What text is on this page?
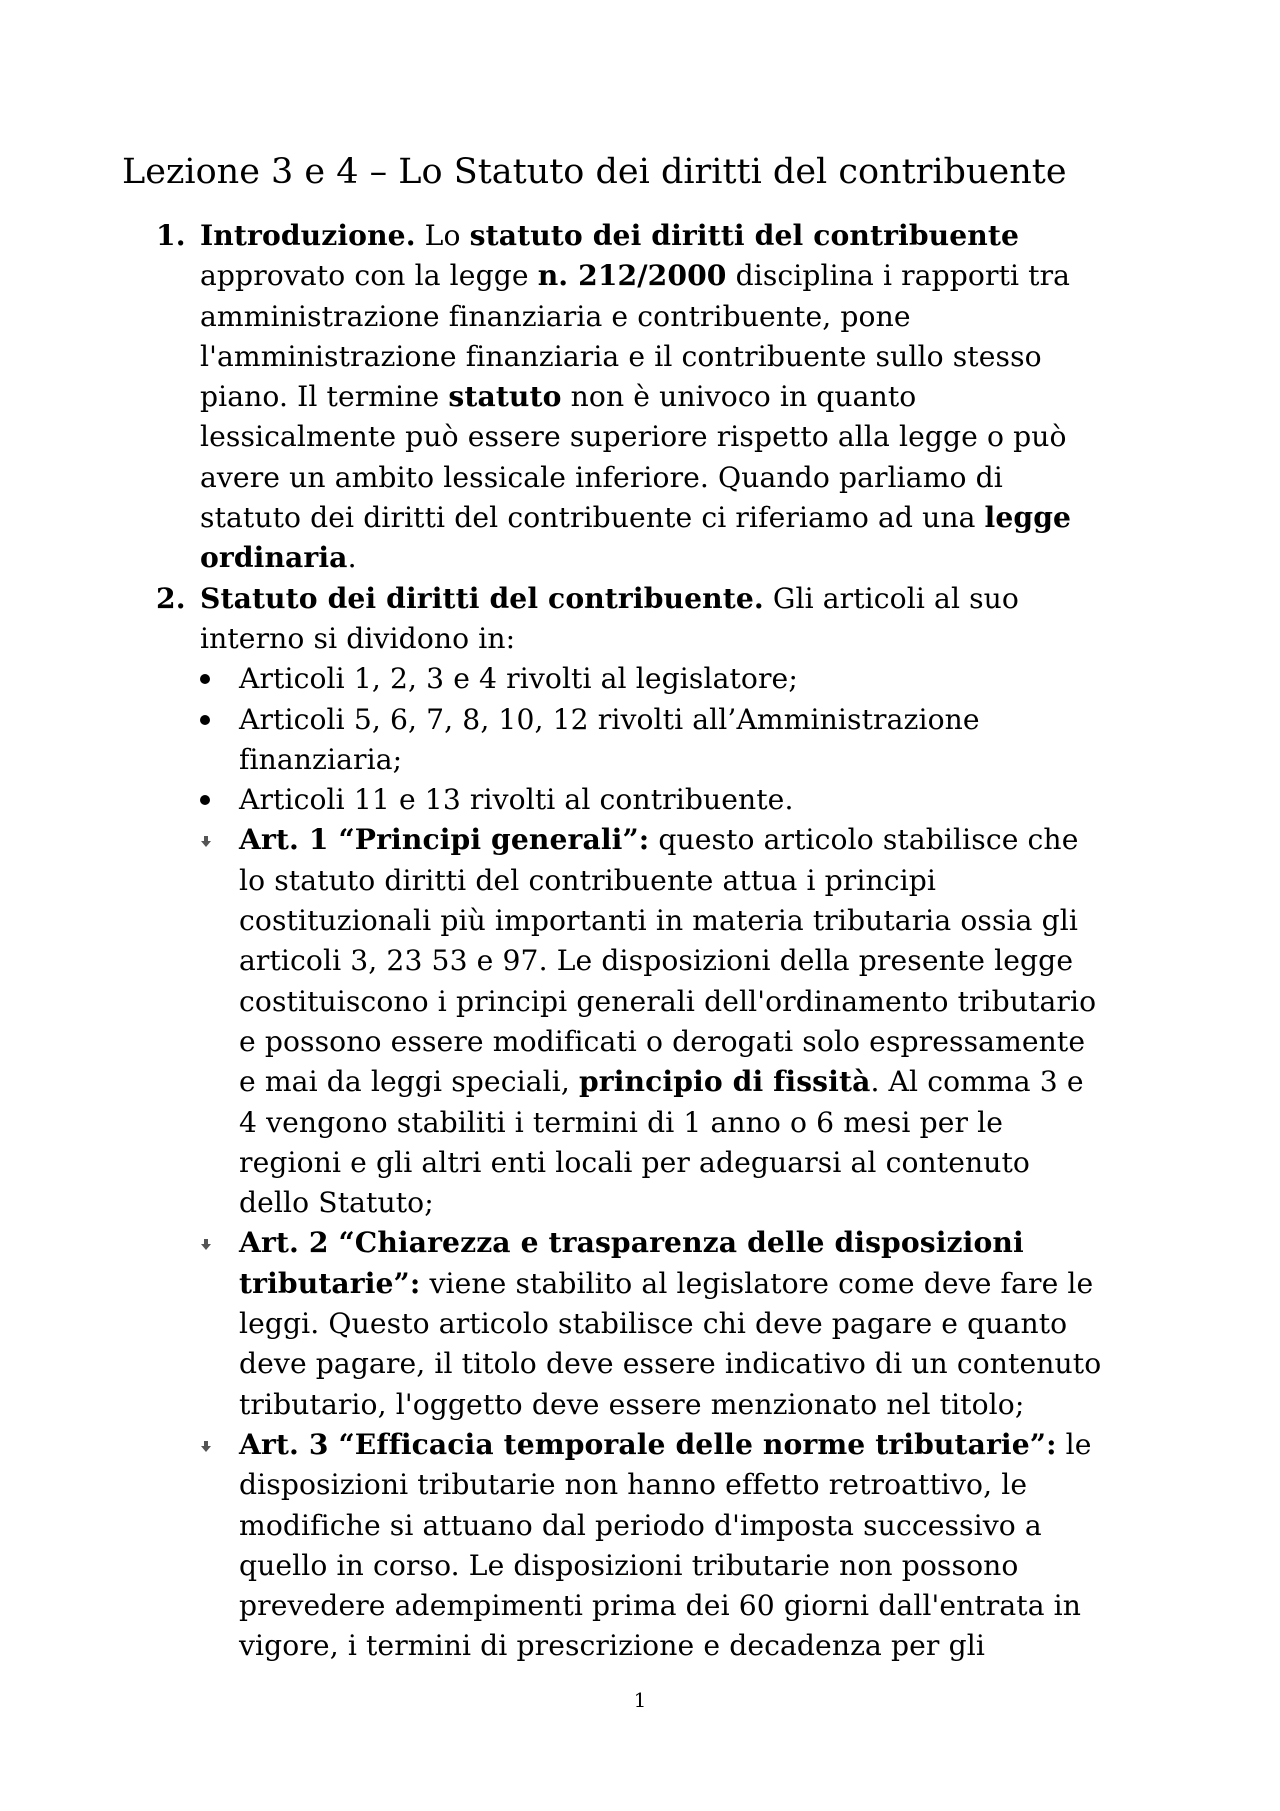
Lezione 3 e 4 – Lo Statuto dei diritti del contribuente
1. Introduzione. Lo statuto dei diritti del contribuente
approvato con la legge n. 212/2000 disciplina i rapporti tra
amministrazione finanziaria e contribuente, pone
l'amministrazione finanziaria e il contribuente sullo stesso
piano. Il termine statuto non è univoco in quanto
lessicalmente può essere superiore rispetto alla legge o può
avere un ambito lessicale inferiore. Quando parliamo di
statuto dei diritti del contribuente ci riferiamo ad una legge
ordinaria.
2. Statuto dei diritti del contribuente. Gli articoli al suo
interno si dividono in:
Articoli 1, 2, 3 e 4 rivolti al legislatore;
Articoli 5, 6, 7, 8, 10, 12 rivolti all’Amministrazione
finanziaria;
Articoli 11 e 13 rivolti al contribuente.
Art. 1 “Principi generali”: questo articolo stabilisce che
lo statuto diritti del contribuente attua i principi
costituzionali più importanti in materia tributaria ossia gli
articoli 3, 23 53 e 97. Le disposizioni della presente legge
costituiscono i principi generali dell'ordinamento tributario
e possono essere modificati o derogati solo espressamente
e mai da leggi speciali, principio di fissità. Al comma 3 e
4 vengono stabiliti i termini di 1 anno o 6 mesi per le
regioni e gli altri enti locali per adeguarsi al contenuto
dello Statuto;
Art. 2 “Chiarezza e trasparenza delle disposizioni
tributarie”: viene stabilito al legislatore come deve fare le
leggi. Questo articolo stabilisce chi deve pagare e quanto
deve pagare, il titolo deve essere indicativo di un contenuto
tributario, l'oggetto deve essere menzionato nel titolo;
Art. 3 “Efficacia temporale delle norme tributarie”: le
disposizioni tributarie non hanno effetto retroattivo, le
modifiche si attuano dal periodo d'imposta successivo a
quello in corso. Le disposizioni tributarie non possono
prevedere adempimenti prima dei 60 giorni dall'entrata in
vigore, i termini di prescrizione e decadenza per gli
1
